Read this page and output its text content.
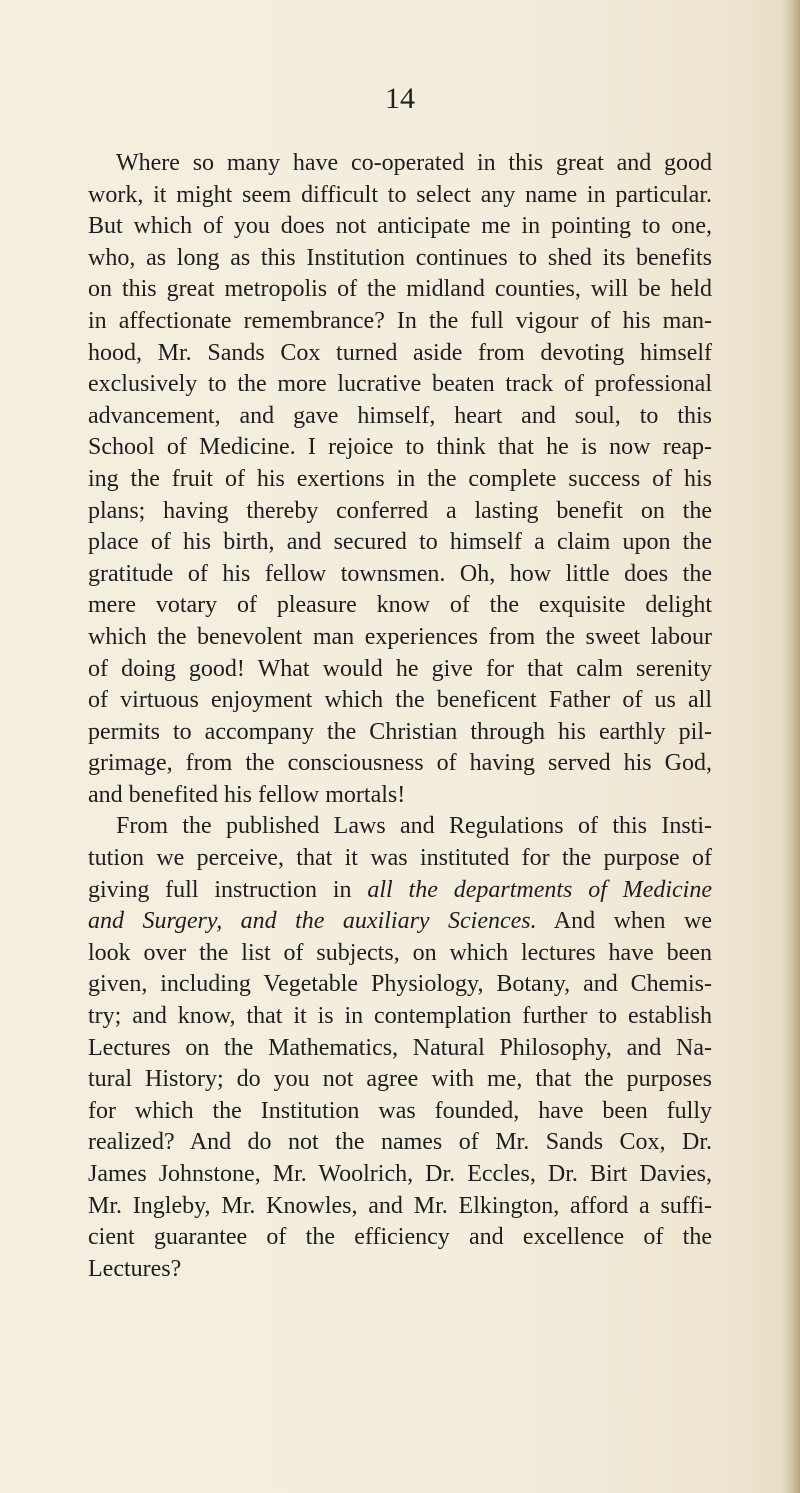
14

Where so many have co-operated in this great and good
work, it might seem difficult to select any name in particular.
But which of you does not anticipate me in pointing to one,
who, as long as this Institution continues to shed its benefits
on this great metropolis of the midland counties, will be held
in affectionate remembrance? In the full vigour of his man-
hood, Mr. Sands Cox turned aside from devoting himself
exclusively to the more lucrative beaten track of professional
advancement, and gave himself, heart and soul, to this
School of Medicine. I rejoice to think that he is now reap-
ing the fruit of his exertions in the complete success of his
plans; having thereby conferred a lasting benefit on the
place of his birth, and secured to himself a claim upon the
gratitude of his fellow townsmen. Oh, how little does the
mere votary of pleasure know of the exquisite delight
which the benevolent man experiences from the sweet labour
of doing good! What would he give for that calm serenity
of virtuous enjoyment which the beneficent Father of us all
permits to accompany the Christian through his earthly pil-
grimage, from the consciousness of having served his God,
and benefited his fellow mortals!
From the published Laws and Regulations of this Insti-
tution we perceive, that it was instituted for the purpose of
giving full instruction in all the departments of Medicine
and Surgery, and the auxiliary Sciences. And when we
look over the list of subjects, on which lectures have been
given, including Vegetable Physiology, Botany, and Chemis-
try; and know, that it is in contemplation further to establish
Lectures on the Mathematics, Natural Philosophy, and Na-
tural History; do you not agree with me, that the purposes
for which the Institution was founded, have been fully
realized? And do not the names of Mr. Sands Cox, Dr.
James Johnstone, Mr. Woolrich, Dr. Eccles, Dr. Birt Davies,
Mr. Ingleby, Mr. Knowles, and Mr. Elkington, afford a suffi-
cient guarantee of the efficiency and excellence of the
Lectures?
